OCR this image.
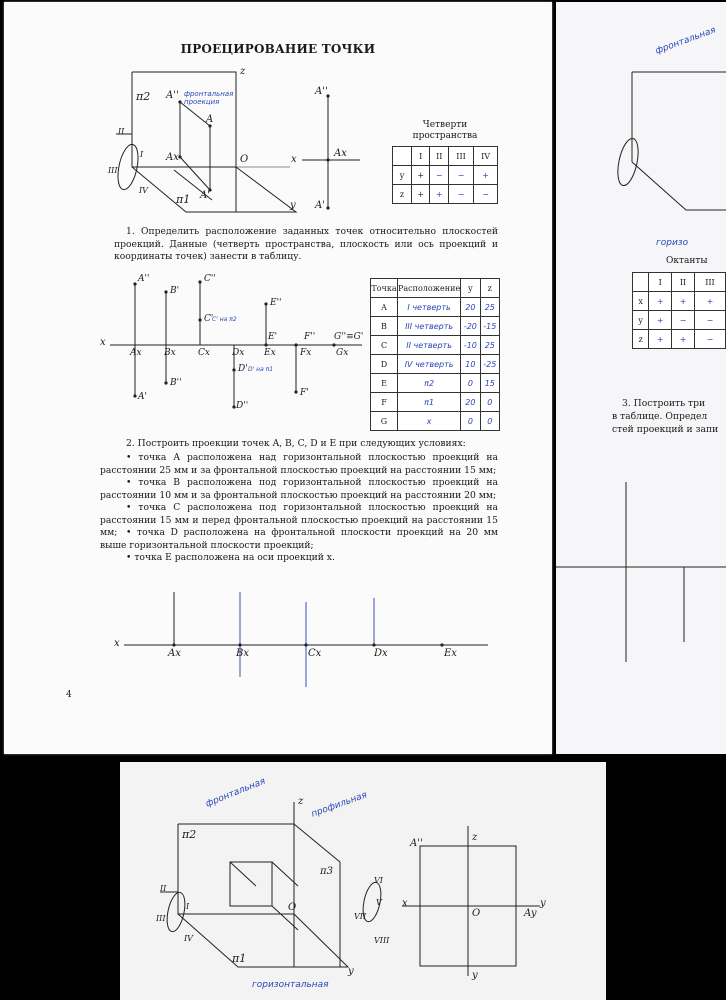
ПРОЕЦИРОВАНИЕ ТОЧКИ
π2
π1
z
y
O
II
I
III
IV
A''
A
Ax
A'
фронтальная проекция
A''
x
Ax
A'
Четверти
пространства
	I	II	III	IV
y	+	−	−	+
z	+	+	−	−

1. Определить расположение заданных точек относительно плоскостей проекций. Данные (четверть пространства, плоскость или ось проекций и координаты точек) занести в таблицу.

x
A''
Ax
A'
B'
Bx
B''
C''
C'
C' на π2
Cx Dx
D' D' на π1
D''
E''
E'
Ex
F''
Fx
F'
G''≡G'
Gx
Точка	Расположение	y	z
A	I четверть	20	25
B	III четверть	-20	-15
C	II четверть	-10	25
D	IV четверть	10	-25
E	π2	0	15
F	π1	20	0
G	x	0	0

2. Построить проекции точек A, B, C, D и E при следующих условиях:

• точка A расположена над горизонтальной плоскостью проекций на расстоянии 25 мм и за фронтальной плоскостью проекций на расстоянии 15 мм;

• точка B расположена под горизонтальной плоскостью проекций на расстоянии 10 мм и за фронтальной плоскостью проекций на расстоянии 20 мм;

• точка C расположена под горизонтальной плоскостью проекций на расстоянии 15 мм и перед фронтальной плоскостью проекций на расстоянии 15 мм; • точка D расположена на фронтальной плоскости проекций на 20 мм выше горизонтальной плоскости проекций;

• точка E расположена на оси проекций x.

x
Ax	Bx	Cx	Dx	Ex
4
фронтальная
горизо
Октанты
	I	II	III
x	+	+	+
y	+	−	−
z	+	+	−
3. Построить три
в таблице. Определ
стей проекций и запи
фронтальная	профильная
горизонтальная
π2
π1
π3
z
y
O
A''
z
x
O	Ay
y
y
II
I
III
IV
V
VI
VII
VIII
